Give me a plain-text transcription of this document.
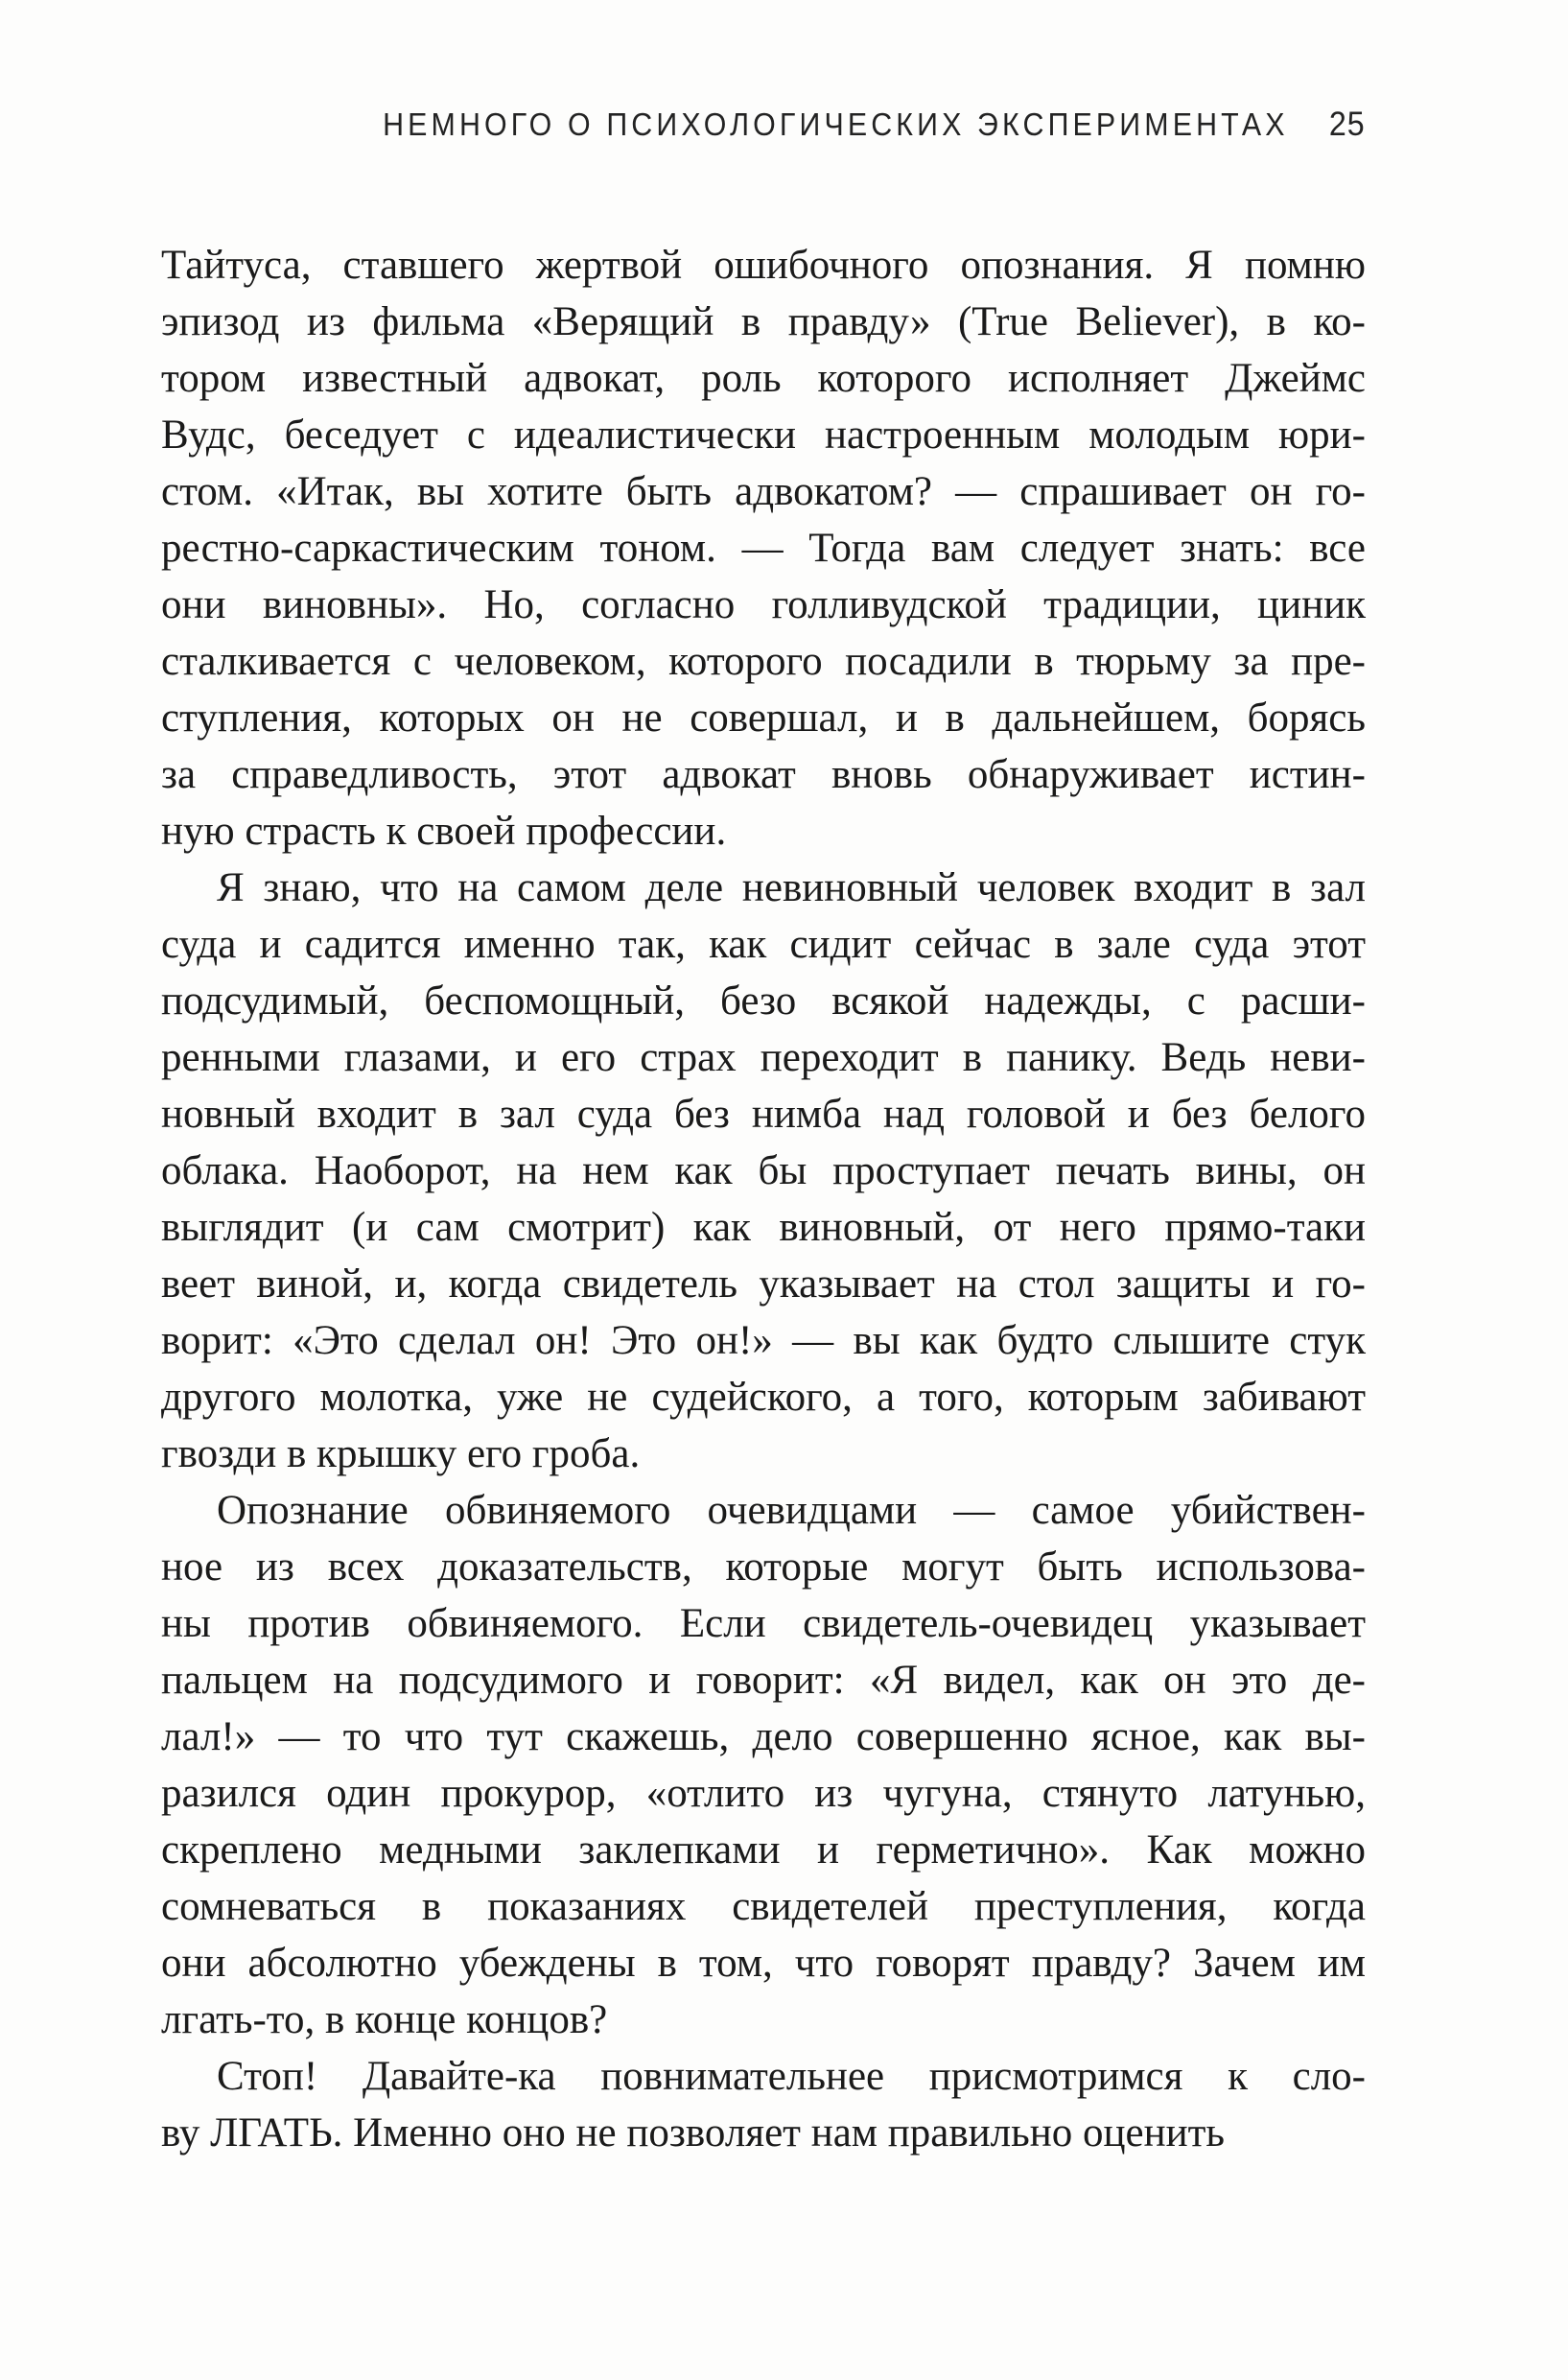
НЕМНОГО О ПСИХОЛОГИЧЕСКИХ ЭКСПЕРИМЕНТАХ 25
Тайтуса, ставшего жертвой ошибочного опознания. Я помню
эпизод из фильма «Верящий в правду» (True Believer), в ко-
тором известный адвокат, роль которого исполняет Джеймс
Вудс, беседует с идеалистически настроенным молодым юри-
стом. «Итак, вы хотите быть адвокатом? — спрашивает он го-
рестно-саркастическим тоном. — Тогда вам следует знать: все
они виновны». Но, согласно голливудской традиции, циник
сталкивается с человеком, которого посадили в тюрьму за пре-
ступления, которых он не совершал, и в дальнейшем, борясь
за справедливость, этот адвокат вновь обнаруживает истин-
ную страсть к своей профессии.
Я знаю, что на самом деле невиновный человек входит в зал
суда и садится именно так, как сидит сейчас в зале суда этот
подсудимый, беспомощный, безо всякой надежды, с расши-
ренными глазами, и его страх переходит в панику. Ведь неви-
новный входит в зал суда без нимба над головой и без белого
облака. Наоборот, на нем как бы проступает печать вины, он
выглядит (и сам смотрит) как виновный, от него прямо-таки
веет виной, и, когда свидетель указывает на стол защиты и го-
ворит: «Это сделал он! Это он!» — вы как будто слышите стук
другого молотка, уже не судейского, а того, которым забивают
гвозди в крышку его гроба.
Опознание обвиняемого очевидцами — самое убийствен-
ное из всех доказательств, которые могут быть использова-
ны против обвиняемого. Если свидетель-очевидец указывает
пальцем на подсудимого и говорит: «Я видел, как он это де-
лал!» — то что тут скажешь, дело совершенно ясное, как вы-
разился один прокурор, «отлито из чугуна, стянуто латунью,
скреплено медными заклепками и герметично». Как можно
сомневаться в показаниях свидетелей преступления, когда
они абсолютно убеждены в том, что говорят правду? Зачем им
лгать-то, в конце концов?
Стоп! Давайте-ка повнимательнее присмотримся к сло-
ву ЛГАТЬ. Именно оно не позволяет нам правильно оценить
